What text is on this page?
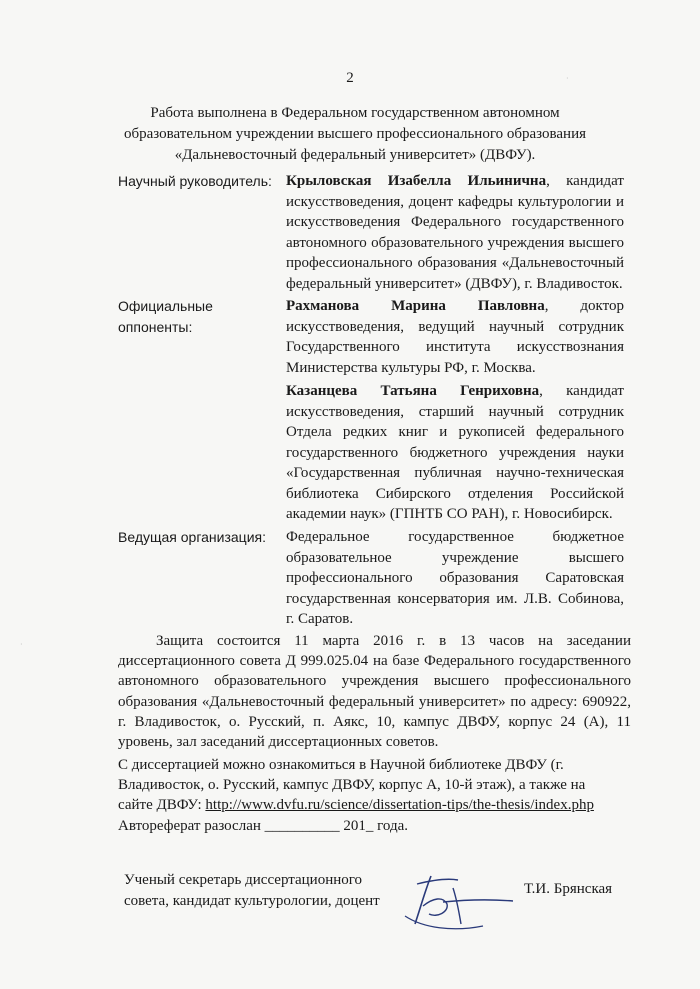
2
Работа выполнена в Федеральном государственном автономном
образовательном учреждении высшего профессионального образования
«Дальневосточный федеральный университет» (ДВФУ).
Научный руководитель: Крыловская Изабелла Ильинична, кандидат искусствоведения, доцент кафедры культурологии и искусствоведения Федерального государственного автономного образовательного учреждения высшего профессионального образования «Дальневосточный федеральный университет» (ДВФУ), г. Владивосток.
Официальные
оппоненты:
Рахманова Марина Павловна, доктор искусствоведения, ведущий научный сотрудник Государственного института искусствознания Министерства культуры РФ, г. Москва.
Казанцева Татьяна Генриховна, кандидат искусствоведения, старший научный сотрудник Отдела редких книг и рукописей федерального государственного бюджетного учреждения науки «Государственная публичная научно-техническая библиотека Сибирского отделения Российской академии наук» (ГПНТБ СО РАН), г. Новосибирск.
Ведущая организация: Федеральное государственное бюджетное образовательное учреждение высшего профессионального образования Саратовская государственная консерватория им. Л.В. Собинова, г. Саратов.
Защита состоится 11 марта 2016 г. в 13 часов на заседании диссертационного совета Д 999.025.04 на базе Федерального государственного автономного образовательного учреждения высшего профессионального образования «Дальневосточный федеральный университет» по адресу: 690922, г. Владивосток, о. Русский, п. Аякс, 10, кампус ДВФУ, корпус 24 (А), 11 уровень, зал заседаний диссертационных советов.
С диссертацией можно ознакомиться в Научной библиотеке ДВФУ (г.
Владивосток, о. Русский, кампус ДВФУ, корпус А, 10-й этаж), а также на
сайте ДВФУ: http://www.dvfu.ru/science/dissertation-tips/the-thesis/index.php
Автореферат разослан __________ 201_ года.
Ученый секретарь диссертационного
совета, кандидат культурологии, доцент
Т.И. Брянская
·
·
